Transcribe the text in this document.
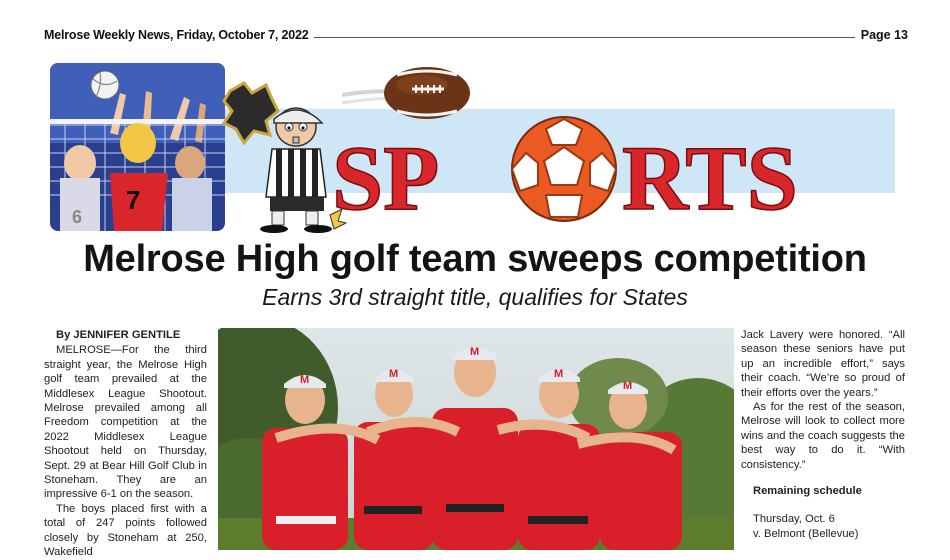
Melrose Weekly News, Friday, October 7, 2022	Page 13
6
7 SP RTS
Melrose High golf team sweeps competition
Earns 3rd straight title, qualifies for States
By JENNIFER GENTILE

MELROSE—For the third straight year, the Melrose High golf team prevailed at the Middlesex League Shootout. Melrose prevailed among all Freedom competition at the 2022 Middlesex League Shootout held on Thursday, Sept. 29 at Bear Hill Golf Club in Stoneham. They are an impressive 6-1 on the season.

The boys placed first with a total of 247 points followed closely by Stoneham at 250, Wakefield

M	M
M
M
M

Jack Lavery were honored. “All season these seniors have put up an incredible effort,” says their coach. “We’re so proud of their efforts over the years.”

As for the rest of the season, Melrose will look to collect more wins and the coach suggests the best way to do it. “With consistency.”

Remaining schedule
Thursday, Oct. 6
v. Belmont (Bellevue)
